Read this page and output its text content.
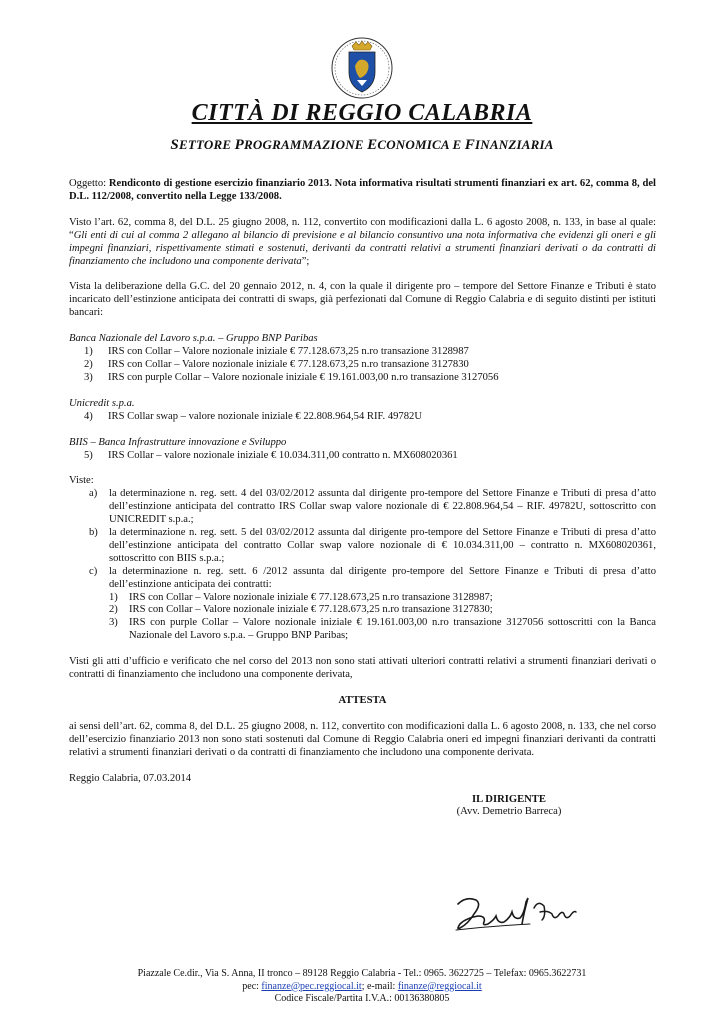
CITTÀ DI REGGIO CALABRIA
SETTORE PROGRAMMAZIONE ECONOMICA E FINANZIARIA

Oggetto: Rendiconto di gestione esercizio finanziario 2013. Nota informativa risultati strumenti finanziari ex art. 62, comma 8, del D.L. 112/2008, convertito nella Legge 133/2008.

Visto l’art. 62, comma 8, del D.L. 25 giugno 2008, n. 112, convertito con modificazioni dalla L. 6 agosto 2008, n. 133, in base al quale: “Gli enti di cui al comma 2 allegano al bilancio di previsione e al bilancio consuntivo una nota informativa che evidenzi gli oneri e gli impegni finanziari, rispettivamente stimati e sostenuti, derivanti da contratti relativi a strumenti finanziari derivati o da contratti di finanziamento che includono una componente derivata”;

Vista la deliberazione della G.C. del 20 gennaio 2012, n. 4, con la quale il dirigente pro – tempore del Settore Finanze e Tributi è stato incaricato dell’estinzione anticipata dei contratti di swaps, già perfezionati dal Comune di Reggio Calabria e di seguito distinti per istituti bancari:

Banca Nazionale del Lavoro s.p.a. – Gruppo BNP Paribas

1) IRS con Collar – Valore nozionale iniziale € 77.128.673,25 n.ro transazione 3128987
2) IRS con Collar – Valore nozionale iniziale € 77.128.673,25 n.ro transazione 3127830
3) IRS con purple Collar – Valore nozionale iniziale € 19.161.003,00 n.ro transazione 3127056

Unicredit s.p.a.

4) IRS Collar swap – valore nozionale iniziale € 22.808.964,54 RIF. 49782U

BIIS – Banca Infrastrutture innovazione e Sviluppo

5) IRS Collar – valore nozionale iniziale € 10.034.311,00 contratto n. MX608020361

Viste:

a) la determinazione n. reg. sett. 4 del 03/02/2012 assunta dal dirigente pro-tempore del Settore Finanze e Tributi di presa d’atto dell’estinzione anticipata del contratto IRS Collar swap valore nozionale di € 22.808.964,54 – RIF. 49782U, sottoscritto con UNICREDIT s.p.a.;
b) la determinazione n. reg. sett. 5 del 03/02/2012 assunta dal dirigente pro-tempore del Settore Finanze e Tributi di presa d’atto dell’estinzione anticipata del contratto Collar swap valore nozionale di € 10.034.311,00 – contratto n. MX608020361, sottoscritto con BIIS s.p.a.;
c) la determinazione n. reg. sett. 6 /2012 assunta dal dirigente pro-tempore del Settore Finanze e Tributi di presa d’atto dell’estinzione anticipata dei contratti:
1) IRS con Collar – Valore nozionale iniziale € 77.128.673,25 n.ro transazione 3128987;
2) IRS con Collar – Valore nozionale iniziale € 77.128.673,25 n.ro transazione 3127830;
3) IRS con purple Collar – Valore nozionale iniziale € 19.161.003,00 n.ro transazione 3127056 sottoscritti con la Banca Nazionale del Lavoro s.p.a. – Gruppo BNP Paribas;

Visti gli atti d’ufficio e verificato che nel corso del 2013 non sono stati attivati ulteriori contratti relativi a strumenti finanziari derivati o contratti di finanziamento che includono una componente derivata,

ATTESTA

ai sensi dell’art. 62, comma 8, del D.L. 25 giugno 2008, n. 112, convertito con modificazioni dalla L. 6 agosto 2008, n. 133, che nel corso dell’esercizio finanziario 2013 non sono stati sostenuti dal Comune di Reggio Calabria oneri ed impegni finanziari derivanti da contratti relativi a strumenti finanziari derivati o da contratti di finanziamento che includono una componente derivata.

Reggio Calabria, 07.03.2014

IL DIRIGENTE

(Avv. Demetrio Barreca)

Piazzale Ce.dir., Via S. Anna, II tronco – 89128 Reggio Calabria - Tel.: 0965. 3622725 – Telefax: 0965.3622731
pec: finanze@pec.reggiocal.it; e-mail: finanze@reggiocal.it
Codice Fiscale/Partita I.V.A.: 00136380805
